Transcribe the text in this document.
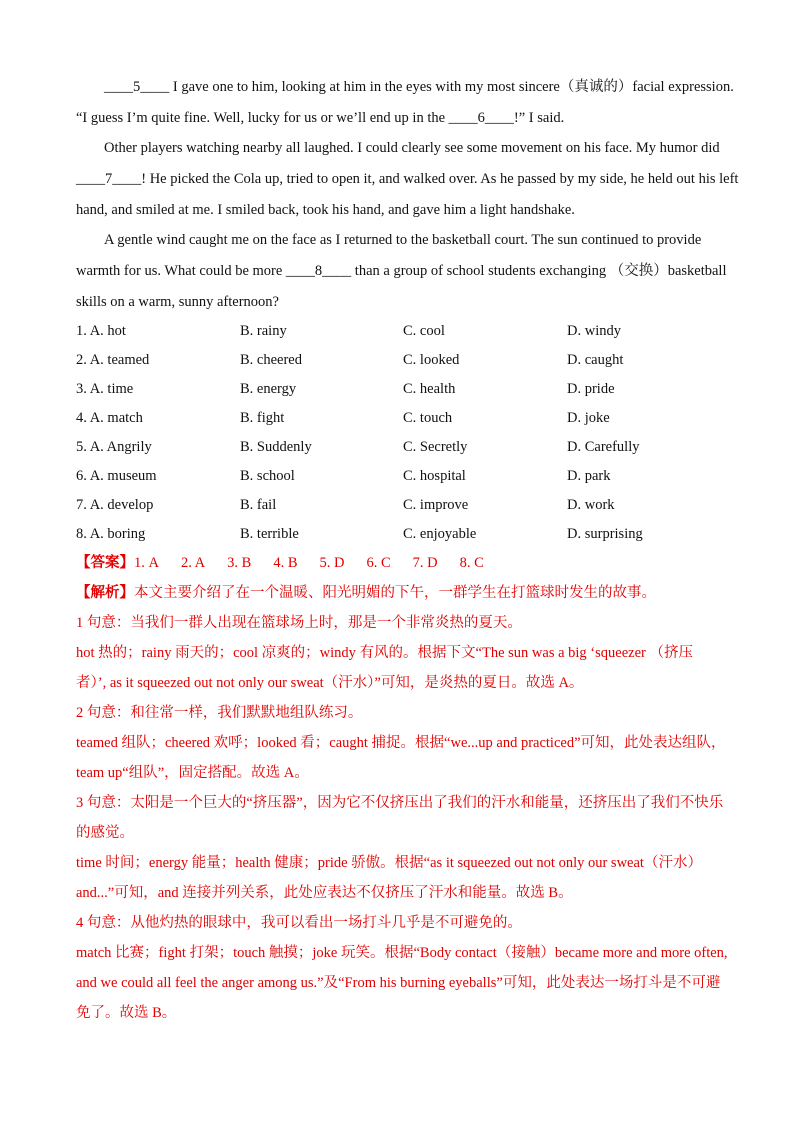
____5____ I gave one to him, looking at him in the eyes with my most sincere（真诚的）facial expression.
“I guess I’m quite fine. Well, lucky for us or we’ll end up in the ____6____!” I said.
Other players watching nearby all laughed. I could clearly see some movement on his face. My humor did
____7____! He picked the Cola up, tried to open it, and walked over. As he passed by my side, he held out his left
hand, and smiled at me. I smiled back, took his hand, and gave him a light handshake.
A gentle wind caught me on the face as I returned to the basketball court. The sun continued to provide
warmth for us. What could be more ____8____ than a group of school students exchanging （交换）basketball
skills on a warm, sunny afternoon?
1. A. hot	B. rainy	C. cool	D. windy
2. A. teamed	B. cheered	C. looked	D. caught
3. A. time	B. energy	C. health	D. pride
4. A. match	B. fight	C. touch	D. joke
5. A. Angrily	B. Suddenly	C. Secretly	D. Carefully
6. A. museum	B. school	C. hospital	D. park
7. A. develop	B. fail	C. improve	D. work
8. A. boring	B. terrible	C. enjoyable	D. surprising
【答案】1. A 2. A 3. B 4. B 5. D 6. C 7. D 8. C
【解析】本文主要介绍了在一个温暖、阳光明媚的下午，一群学生在打篮球时发生的故事。
1 句意：当我们一群人出现在篮球场上时，那是一个非常炎热的夏天。
hot 热的；rainy 雨天的；cool 凉爽的；windy 有风的。根据下文“The sun was a big ‘squeezer （挤压
者）’, as it squeezed out not only our sweat（汗水）”可知，是炎热的夏日。故选 A。
2 句意：和往常一样，我们默默地组队练习。
teamed 组队；cheered 欢呼；looked 看；caught 捕捉。根据“we...up and practiced”可知，此处表达组队，
team up“组队”，固定搭配。故选 A。
3 句意：太阳是一个巨大的“挤压器”，因为它不仅挤压出了我们的汗水和能量，还挤压出了我们不快乐
的感觉。
time 时间；energy 能量；health 健康；pride 骄傲。根据“as it squeezed out not only our sweat（汗水）
and...”可知，and 连接并列关系，此处应表达不仅挤压了汗水和能量。故选 B。
4 句意：从他灼热的眼球中，我可以看出一场打斗几乎是不可避免的。
match 比赛；fight 打架；touch 触摸；joke 玩笑。根据“Body contact（接触）became more and more often,
and we could all feel the anger among us.”及“From his burning eyeballs”可知，此处表达一场打斗是不可避
免了。故选 B。
